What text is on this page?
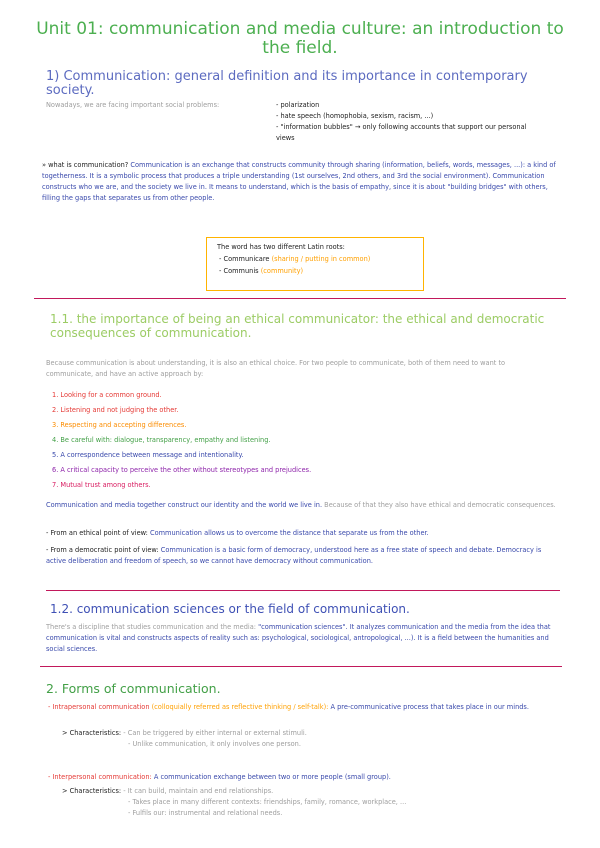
Unit 01: communication and media culture: an introduction to the field.
1) Communication: general definition and its importance in contemporary society.
Nowadays, we are facing important social problems:	- polarization
- hate speech (homophobia, sexism, racism, ...)
- "information bubbles" → only following accounts that support our personal views
» what is communication? Communication is an exchange that constructs community through sharing (information, beliefs, words, messages, ...): a kind of togetherness. It is a symbolic process that produces a triple understanding (1st ourselves, 2nd others, and 3rd the social environment). Communication constructs who we are, and the society we live in. It means to understand, which is the basis of empathy, since it is about "building bridges" with others, filling the gaps that separates us from other people.
The word has two different Latin roots:
- Communicare (sharing / putting in common)
- Communis (community)
1.1. the importance of being an ethical communicator: the ethical and democratic consequences of communication.
Because communication is about understanding, it is also an ethical choice. For two people to communicate, both of them need to want to communicate, and have an active approach by:
1. Looking for a common ground.
2. Listening and not judging the other.
3. Respecting and accepting differences.
4. Be careful with: dialogue, transparency, empathy and listening.
5. A correspondence between message and intentionality.
6. A critical capacity to perceive the other without stereotypes and prejudices.
7. Mutual trust among others.
Communication and media together construct our identity and the world we live in. Because of that they also have ethical and democratic consequences.
- From an ethical point of view: Communication allows us to overcome the distance that separate us from the other.
- From a democratic point of view: Communication is a basic form of democracy, understood here as a free state of speech and debate. Democracy is active deliberation and freedom of speech, so we cannot have democracy without communication.
1.2. communication sciences or the field of communication.
There's a discipline that studies communication and the media: "communication sciences". It analyzes communication and the media from the idea that communication is vital and constructs aspects of reality such as: psychological, sociological, antropological, ...). It is a field between the humanities and social sciences.
2. Forms of communication.
- Intrapersonal communication (colloquially referred as reflective thinking / self-talk): A pre-communicative process that takes place in our minds.
> Characteristics: - Can be triggered by either internal or external stimuli.
- Unlike communication, it only involves one person.
- Interpersonal communication: A communication exchange between two or more people (small group).
> Characteristics: - It can build, maintain and end relationships.
- Takes place in many different contexts: friendships, family, romance, workplace, ...
- Fulfils our: instrumental and relational needs.
